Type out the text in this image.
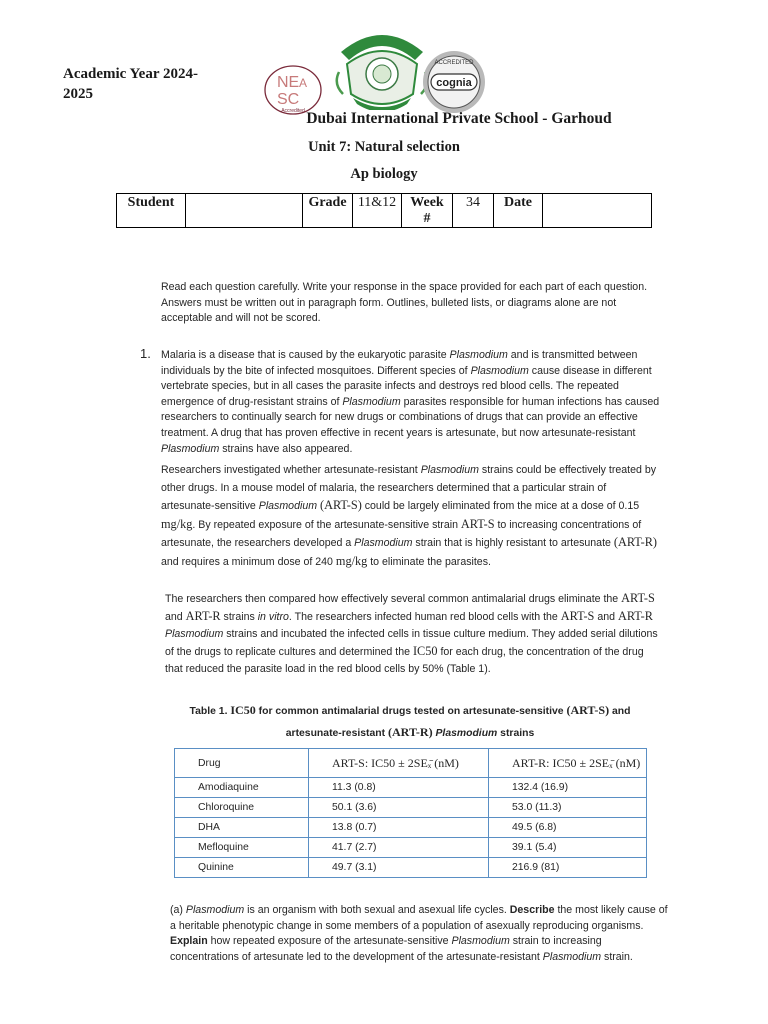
Academic Year 2024-2025
NE
SC
A
Accredited
ACCREDITED
cognia
Dubai International Private School - Garhoud
Unit 7: Natural selection
Ap biology
Student		Grade	11&12	Week #	34	Date	
Read each question carefully. Write your response in the space provided for each part of each question. Answers must be written out in paragraph form. Outlines, bulleted lists, or diagrams alone are not acceptable and will not be scored.
1. Malaria is a disease that is caused by the eukaryotic parasite Plasmodium and is transmitted between individuals by the bite of infected mosquitoes. Different species of Plasmodium cause disease in different vertebrate species, but in all cases the parasite infects and destroys red blood cells. The repeated emergence of drug-resistant strains of Plasmodium parasites responsible for human infections has caused researchers to continually search for new drugs or combinations of drugs that can provide an effective treatment. A drug that has proven effective in recent years is artesunate, but now artesunate-resistant Plasmodium strains have also appeared.
Researchers investigated whether artesunate-resistant Plasmodium strains could be effectively treated by other drugs. In a mouse model of malaria, the researchers determined that a particular strain of artesunate-sensitive Plasmodium (ART-S) could be largely eliminated from the mice at a dose of 0.15 mg/kg. By repeated exposure of the artesunate-sensitive strain ART-S to increasing concentrations of artesunate, the researchers developed a Plasmodium strain that is highly resistant to artesunate (ART-R) and requires a minimum dose of 240 mg/kg to eliminate the parasites.
The researchers then compared how effectively several common antimalarial drugs eliminate the ART-S and ART-R strains in vitro. The researchers infected human red blood cells with the ART-S and ART-R Plasmodium strains and incubated the infected cells in tissue culture medium. They added serial dilutions of the drugs to replicate cultures and determined the IC50 for each drug, the concentration of the drug that reduced the parasite load in the red blood cells by 50% (Table 1).
Table 1. IC50 for common antimalarial drugs tested on artesunate-sensitive (ART-S) and artesunate-resistant (ART-R) Plasmodium strains
Drug	ART-S: IC50 ± 2SEₓ̄ (nM)	ART-R: IC50 ± 2SEₓ̄ (nM)
Amodiaquine	11.3 (0.8)	132.4 (16.9)
Chloroquine	50.1 (3.6)	53.0 (11.3)
DHA	13.8 (0.7)	49.5 (6.8)
Mefloquine	41.7 (2.7)	39.1 (5.4)
Quinine	49.7 (3.1)	216.9 (81)
(a) Plasmodium is an organism with both sexual and asexual life cycles. Describe the most likely cause of a heritable phenotypic change in some members of a population of asexually reproducing organisms. Explain how repeated exposure of the artesunate-sensitive Plasmodium strain to increasing concentrations of artesunate led to the development of the artesunate-resistant Plasmodium strain.
